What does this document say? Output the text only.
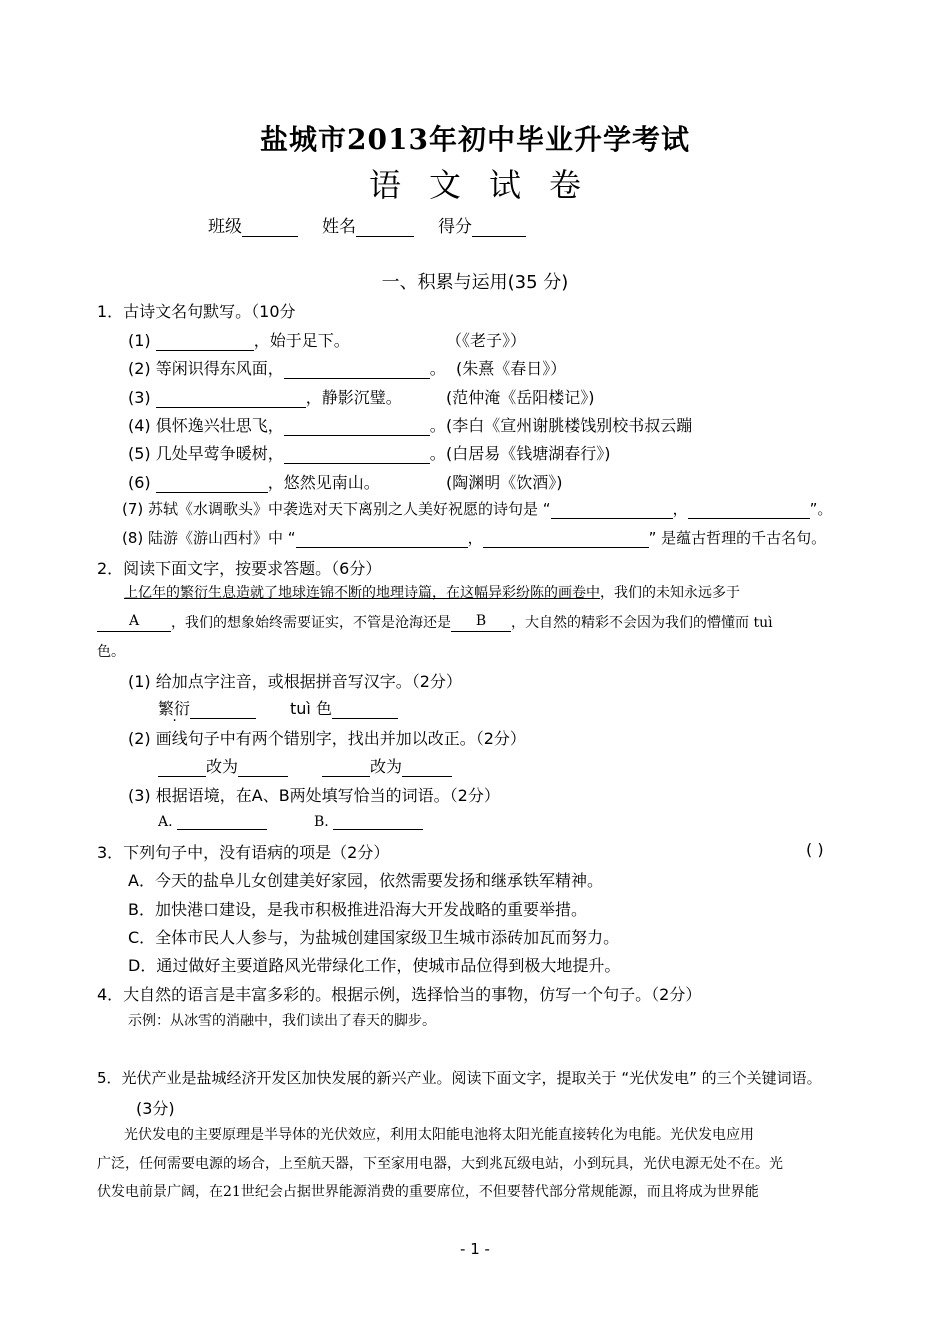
盐城市2013年初中毕业升学考试
语文试卷
班级	姓名	得分
一、积累与运用(35 分)
1．古诗文名句默写。（10分
(1)	，始于足下。	（《老子》）
(2) 等闲识得东风面，	。 (朱熹《春日》）
(3)	，静影沉璧。	(范仲淹《岳阳楼记》)
(4) 俱怀逸兴壮思飞，	。 (李白《宣州谢朓楼饯别校书叔云蹦
(5) 几处早莺争暖树，	。 (白居易《钱塘湖春行》)
(6)	，悠然见南山。	(陶渊明《饮酒》)
(7) 苏轼《水调歌头》中袭选对天下离别之人美好祝愿的诗句是 “	，	”。
(8) 陆游《游山西村》中 “	，	” 是蕴古哲理的千古名句。
2．阅读下面文字，按要求答题。（6分）
上亿年的繁衍生息造就了地球连锦不断的地理诗篇，在这幅异彩纷陈的画卷中，我们的未知永远多于
A ，我们的想象始终需要证实，不管是沧海还是 B ，大自然的精彩不会因为我们的懵懂而 tuì
色。
(1) 给加点字注音，或根据拼音写汉字。（2分）
繁衍	tuì 色
(2) 画线句子中有两个错别字，找出并加以改正。（2分）
改为	改为
(3) 根据语境，在A、B两处填写恰当的词语。（2分）
A.	B.
3．下列句子中，没有语病的项是（2分）	( )
A．今天的盐阜儿女创建美好家园，依然需要发扬和继承铁军精神。
B．加快港口建设，是我市积极推进沿海大开发战略的重要举措。
C．全体市民人人参与，为盐城创建国家级卫生城市添砖加瓦而努力。
D．通过做好主要道路风光带绿化工作，使城市品位得到极大地提升。
4．大自然的语言是丰富多彩的。根据示例，选择恰当的事物，仿写一个句子。（2分）
示例：从冰雪的消融中，我们读出了春天的脚步。
5．光伏产业是盐城经济开发区加快发展的新兴产业。阅读下面文字，提取关于 “光伏发电” 的三个关键词语。
(3分)
光伏发电的主要原理是半导体的光伏效应，利用太阳能电池将太阳光能直接转化为电能。光伏发电应用
广泛，任何需要电源的场合，上至航天器，下至家用电器，大到兆瓦级电站，小到玩具，光伏电源无处不在。光
伏发电前景广阔，在21世纪会占据世界能源消费的重要席位，不但要替代部分常规能源，而且将成为世界能
- 1 -
